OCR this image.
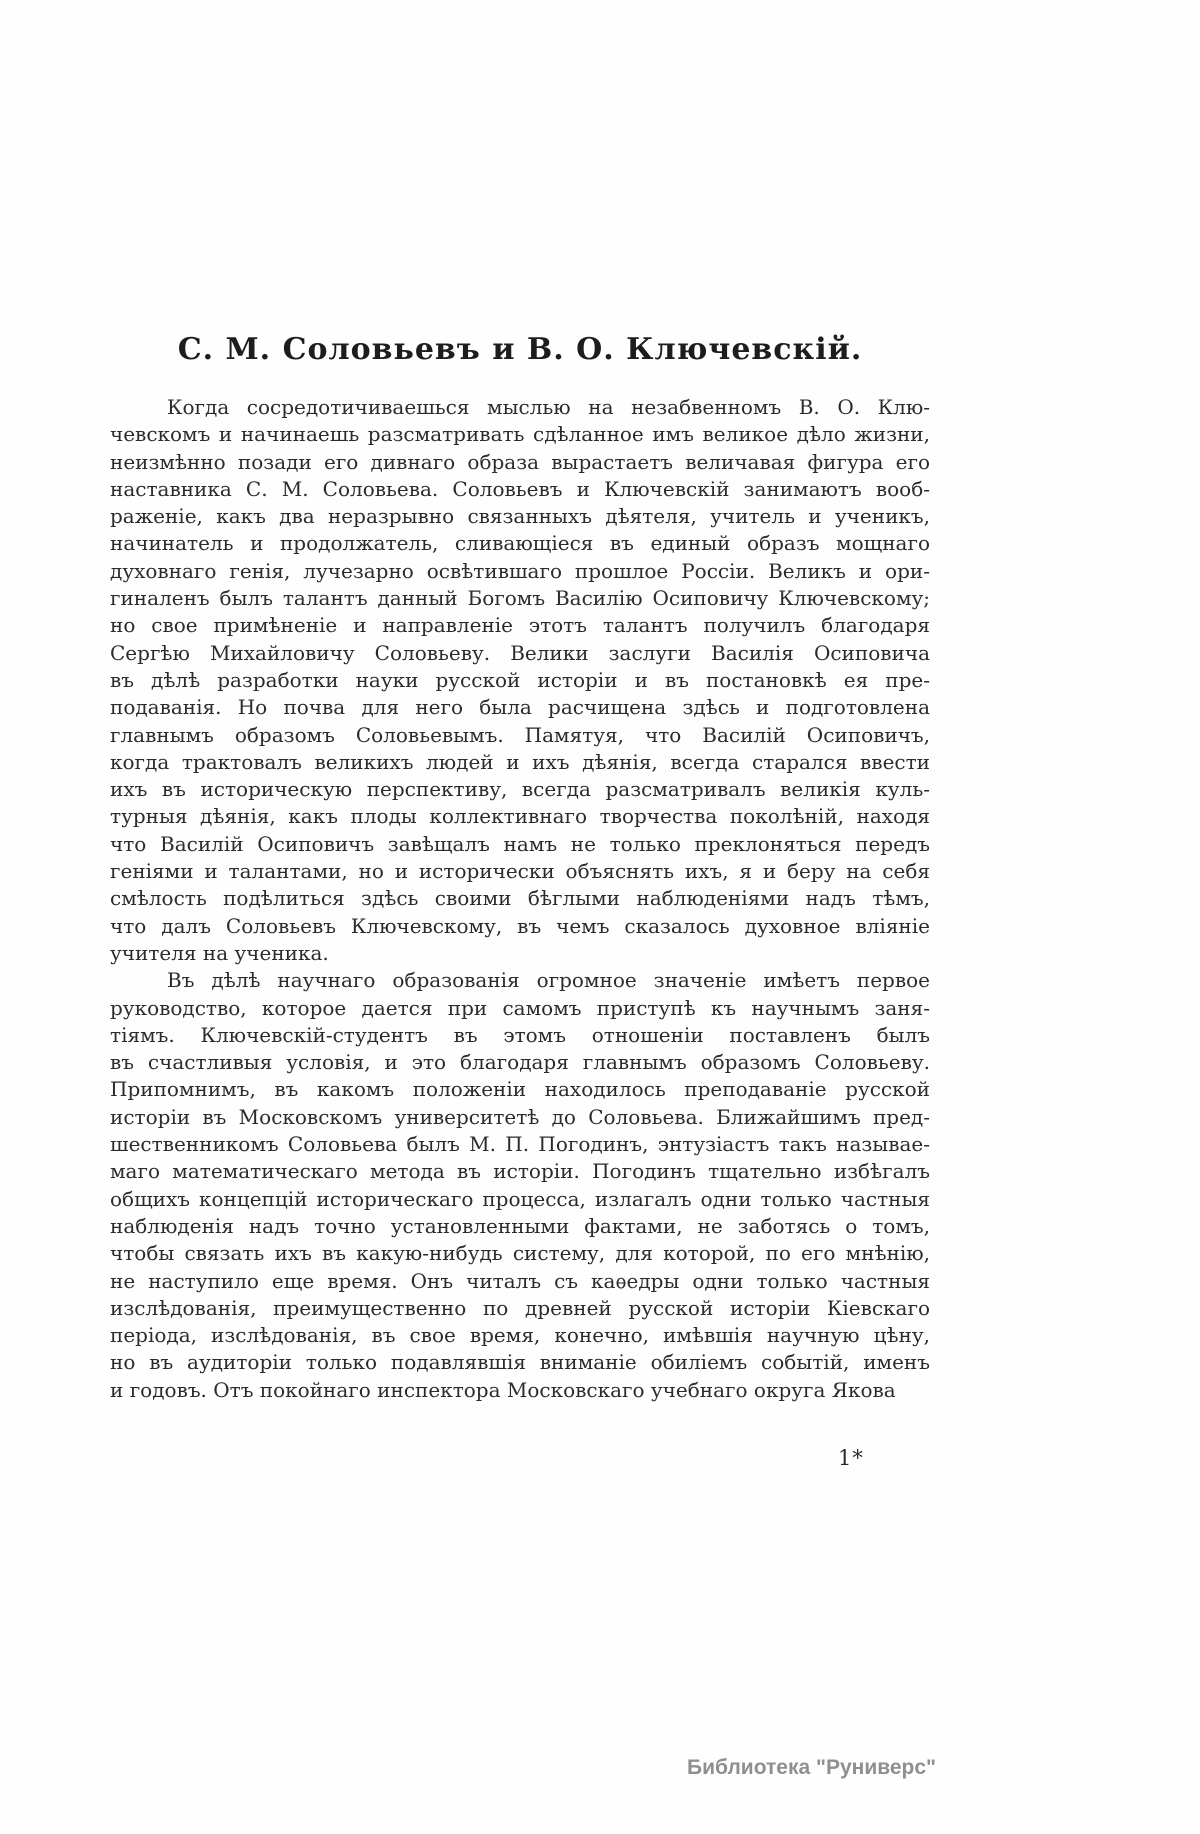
С. М. Соловьевъ и В. О. Ключевскій.
Когда сосредотичиваешься мыслью на незабвенномъ В. О. Клю-
чевскомъ и начинаешь разсматривать сдѣланное имъ великое дѣло жизни,
неизмѣнно позади его дивнаго образа вырастаетъ величавая фигура его
наставника С. М. Соловьева. Соловьевъ и Ключевскій занимаютъ вооб-
раженіе, какъ два неразрывно связанныхъ дѣятеля, учитель и ученикъ,
начинатель и продолжатель, сливающіеся въ единый образъ мощнаго
духовнаго генія, лучезарно освѣтившаго прошлое Россіи. Великъ и ори-
гиналенъ былъ талантъ данный Богомъ Василію Осиповичу Ключевскому;
но свое примѣненіе и направленіе этотъ талантъ получилъ благодаря
Сергѣю Михайловичу Соловьеву. Велики заслуги Василія Осиповича
въ дѣлѣ разработки науки русской исторіи и въ постановкѣ ея пре-
подаванія. Но почва для него была расчищена здѣсь и подготовлена
главнымъ образомъ Соловьевымъ. Памятуя, что Василій Осиповичъ,
когда трактовалъ великихъ людей и ихъ дѣянія, всегда старался ввести
ихъ въ историческую перспективу, всегда разсматривалъ великія куль-
турныя дѣянія, какъ плоды коллективнаго творчества поколѣній, находя
что Василій Осиповичъ завѣщалъ намъ не только преклоняться передъ
геніями и талантами, но и исторически объяснять ихъ, я и беру на себя
смѣлость подѣлиться здѣсь своими бѣглыми наблюденіями надъ тѣмъ,
что далъ Соловьевъ Ключевскому, въ чемъ сказалось духовное вліяніе
учителя на ученика.
Въ дѣлѣ научнаго образованія огромное значеніе имѣетъ первое
руководство, которое дается при самомъ приступѣ къ научнымъ заня-
тіямъ. Ключевскій-студентъ въ этомъ отношеніи поставленъ былъ
въ счастливыя условія, и это благодаря главнымъ образомъ Соловьеву.
Припомнимъ, въ какомъ положеніи находилось преподаваніе русской
исторіи въ Московскомъ университетѣ до Соловьева. Ближайшимъ пред-
шественникомъ Соловьева былъ М. П. Погодинъ, энтузіастъ такъ называе-
маго математическаго метода въ исторіи. Погодинъ тщательно избѣгалъ
общихъ концепцій историческаго процесса, излагалъ одни только частныя
наблюденія надъ точно установленными фактами, не заботясь о томъ,
чтобы связать ихъ въ какую-нибудь систему, для которой, по его мнѣнію,
не наступило еще время. Онъ читалъ съ каѳедры одни только частныя
изслѣдованія, преимущественно по древней русской исторіи Кіевскаго
періода, изслѣдованія, въ свое время, конечно, имѣвшія научную цѣну,
но въ аудиторіи только подавлявшія вниманіе обиліемъ событій, именъ
и годовъ. Отъ покойнаго инспектора Московскаго учебнаго округа Якова
1*
Библиотека "Руниверс"
